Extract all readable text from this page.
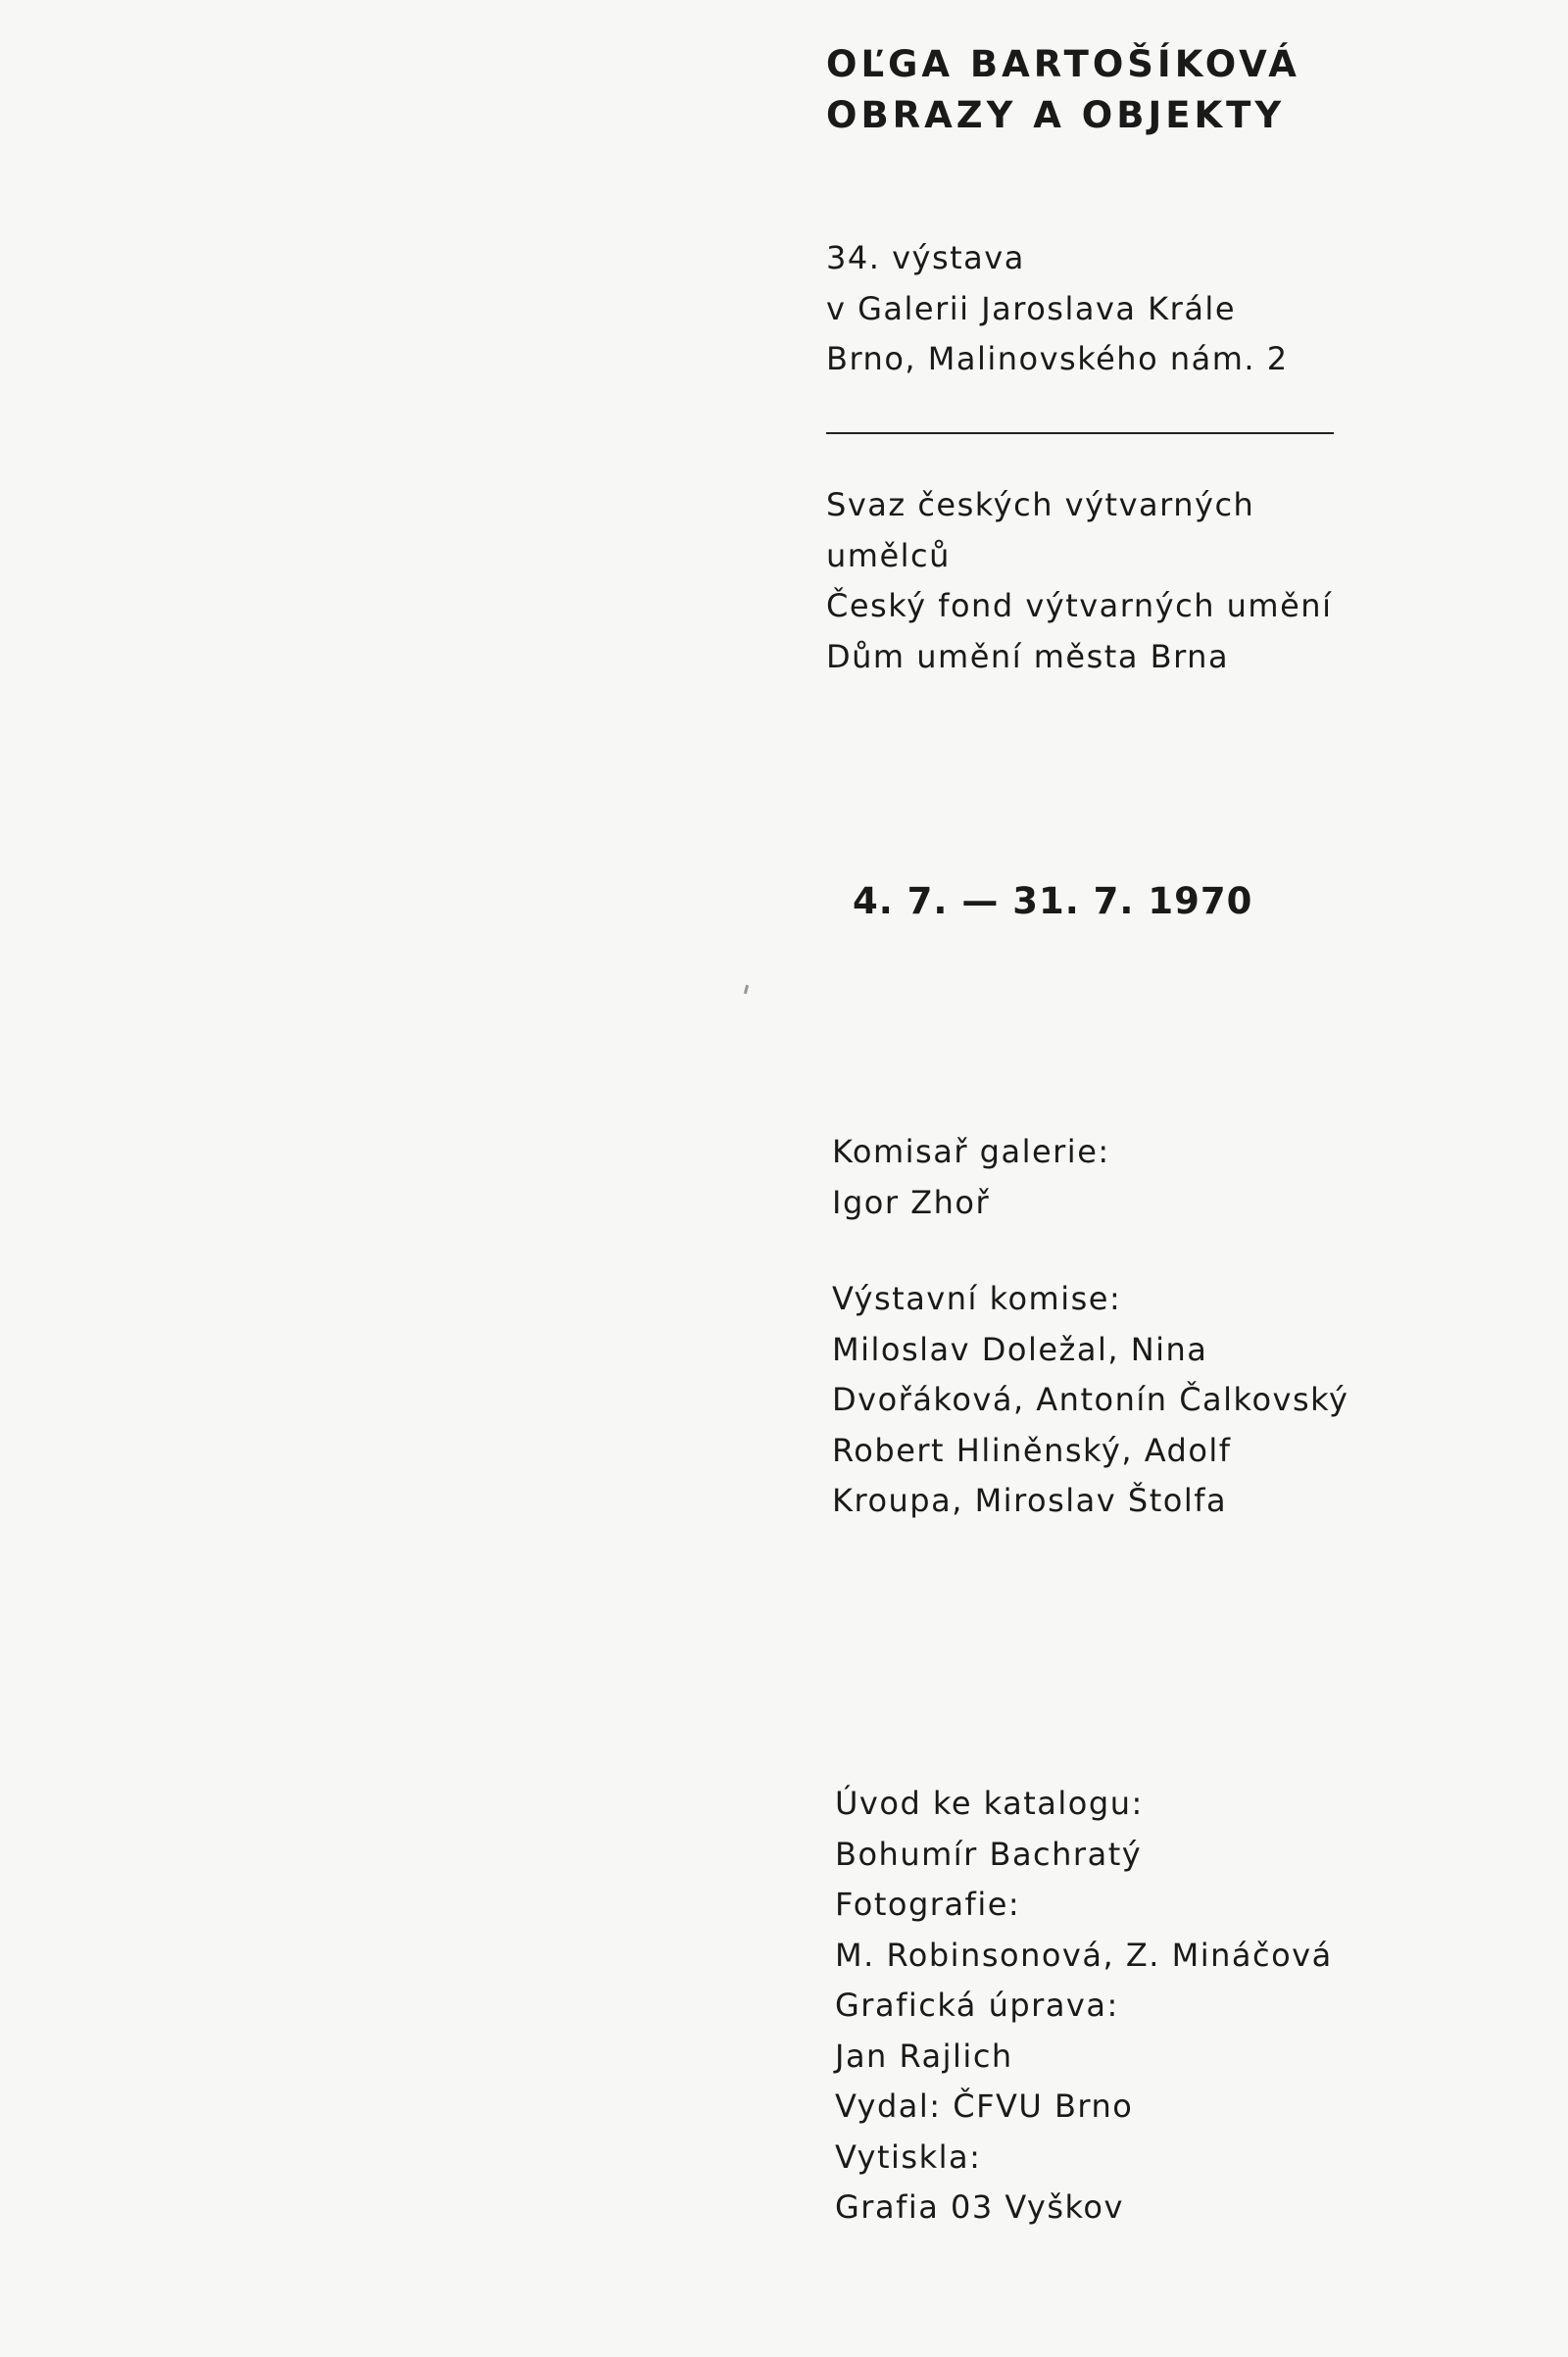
OĽGA BARTOŠÍKOVÁ
OBRAZY A OBJEKTY
34. výstava
v Galerii Jaroslava Krále
Brno, Malinovského nám. 2
Svaz českých výtvarných
umělců
Český fond výtvarných umění
Dům umění města Brna
4. 7. — 31. 7. 1970
Komisař galerie:
Igor Zhoř
Výstavní komise:
Miloslav Doležal, Nina
Dvořáková, Antonín Čalkovský
Robert Hliněnský, Adolf
Kroupa, Miroslav Štolfa
Úvod ke katalogu:
Bohumír Bachratý
Fotografie:
M. Robinsonová, Z. Mináčová
Grafická úprava:
Jan Rajlich
Vydal: ČFVU Brno
Vytiskla:
Grafia 03 Vyškov
